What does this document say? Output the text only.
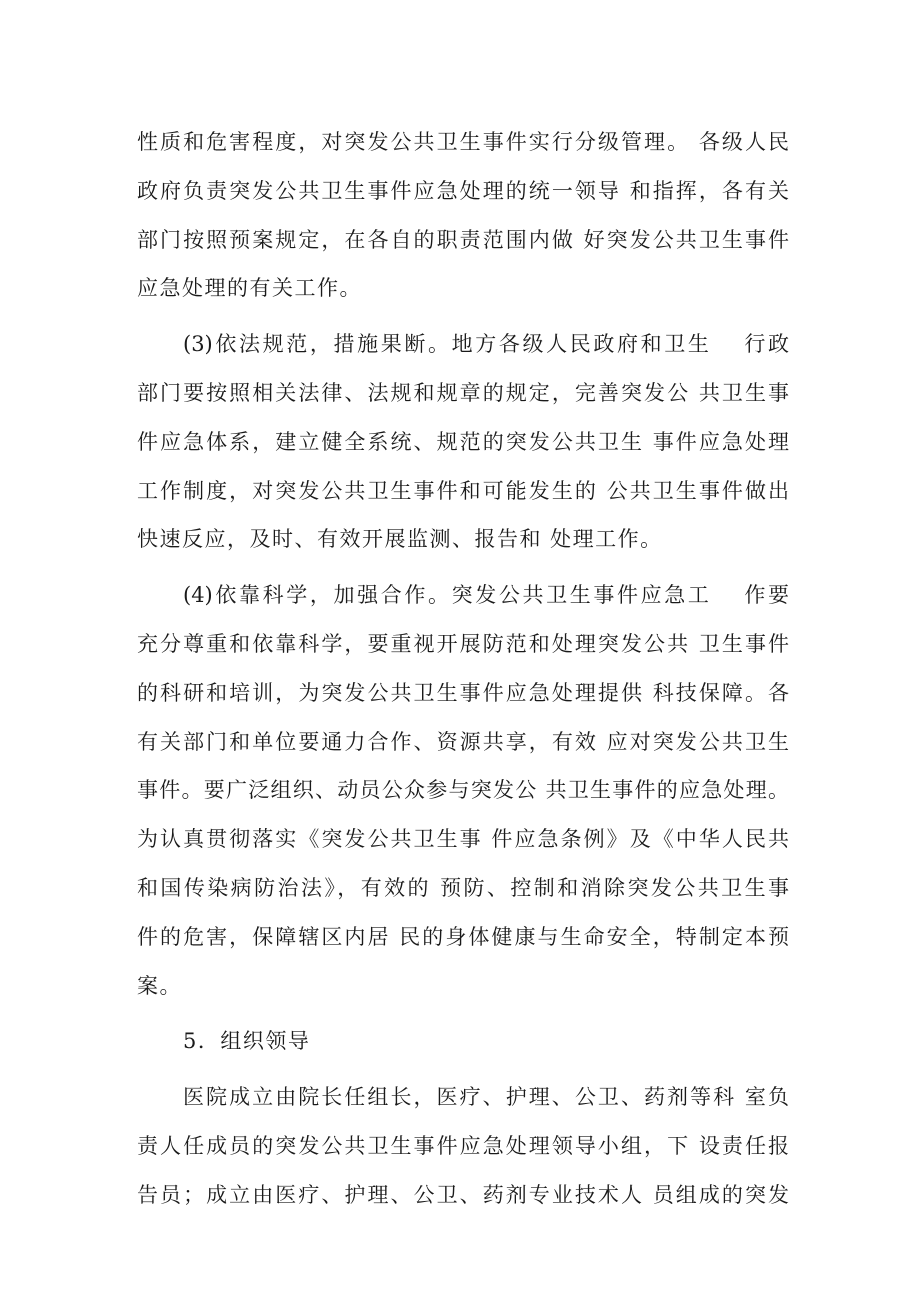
性质和危害程度，对突发公共卫生事件实行分级管理。 各级人民
政府负责突发公共卫生事件应急处理的统一领导 和指挥，各有关
部门按照预案规定，在各自的职责范围内做 好突发公共卫生事件
应急处理的有关工作。
(3)依法规范，措施果断。地方各级人民政府和卫生　 行政
部门要按照相关法律、法规和规章的规定，完善突发公 共卫生事
件应急体系，建立健全系统、规范的突发公共卫生 事件应急处理
工作制度，对突发公共卫生事件和可能发生的 公共卫生事件做出
快速反应，及时、有效开展监测、报告和 处理工作。
(4)依靠科学，加强合作。突发公共卫生事件应急工　 作要
充分尊重和依靠科学，要重视开展防范和处理突发公共 卫生事件
的科研和培训，为突发公共卫生事件应急处理提供 科技保障。各
有关部门和单位要通力合作、资源共享，有效 应对突发公共卫生
事件。要广泛组织、动员公众参与突发公 共卫生事件的应急处理。
为认真贯彻落实《突发公共卫生事 件应急条例》及《中华人民共
和国传染病防治法》，有效的 预防、控制和消除突发公共卫生事
件的危害，保障辖区内居 民的身体健康与生命安全，特制定本预
案。
5．组织领导
医院成立由院长任组长，医疗、护理、公卫、药剂等科 室负
责人任成员的突发公共卫生事件应急处理领导小组，下 设责任报
告员；成立由医疗、护理、公卫、药剂专业技术人 员组成的突发
